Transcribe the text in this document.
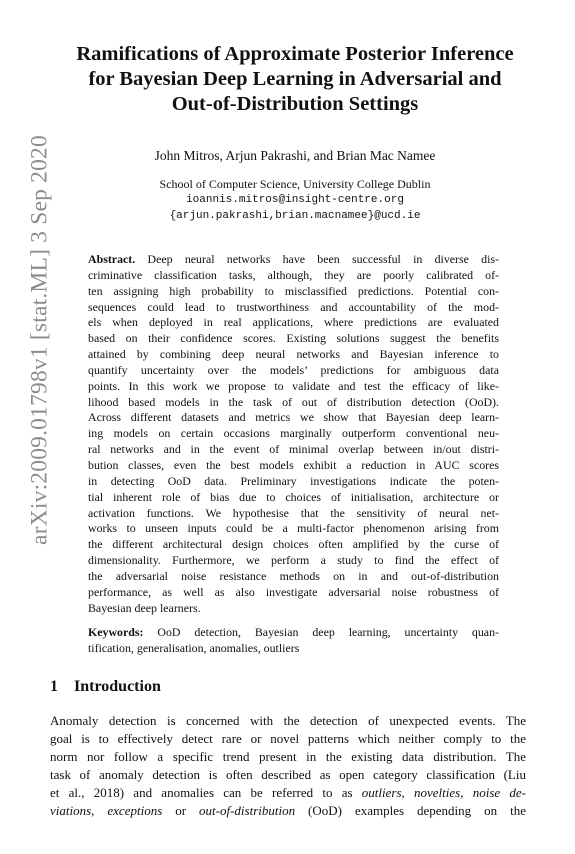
arXiv:2009.01798v1 [stat.ML] 3 Sep 2020
Ramifications of Approximate Posterior Inference
for Bayesian Deep Learning in Adversarial and
Out-of-Distribution Settings
John Mitros, Arjun Pakrashi, and Brian Mac Namee
School of Computer Science, University College Dublin
ioannis.mitros@insight-centre.org
{arjun.pakrashi,brian.macnamee}@ucd.ie
Abstract. Deep neural networks have been successful in diverse dis-
criminative classification tasks, although, they are poorly calibrated of-
ten assigning high probability to misclassified predictions. Potential con-
sequences could lead to trustworthiness and accountability of the mod-
els when deployed in real applications, where predictions are evaluated
based on their confidence scores. Existing solutions suggest the benefits
attained by combining deep neural networks and Bayesian inference to
quantify uncertainty over the models’ predictions for ambiguous data
points. In this work we propose to validate and test the efficacy of like-
lihood based models in the task of out of distribution detection (OoD).
Across different datasets and metrics we show that Bayesian deep learn-
ing models on certain occasions marginally outperform conventional neu-
ral networks and in the event of minimal overlap between in/out distri-
bution classes, even the best models exhibit a reduction in AUC scores
in detecting OoD data. Preliminary investigations indicate the poten-
tial inherent role of bias due to choices of initialisation, architecture or
activation functions. We hypothesise that the sensitivity of neural net-
works to unseen inputs could be a multi-factor phenomenon arising from
the different architectural design choices often amplified by the curse of
dimensionality. Furthermore, we perform a study to find the effect of
the adversarial noise resistance methods on in and out-of-distribution
performance, as well as also investigate adversarial noise robustness of
Bayesian deep learners.
Keywords: OoD detection, Bayesian deep learning, uncertainty quan-
tification, generalisation, anomalies, outliers
1 Introduction
Anomaly detection is concerned with the detection of unexpected events. The
goal is to effectively detect rare or novel patterns which neither comply to the
norm nor follow a specific trend present in the existing data distribution. The
task of anomaly detection is often described as open category classification (Liu
et al., 2018) and anomalies can be referred to as outliers, novelties, noise de-
viations, exceptions or out-of-distribution (OoD) examples depending on the
